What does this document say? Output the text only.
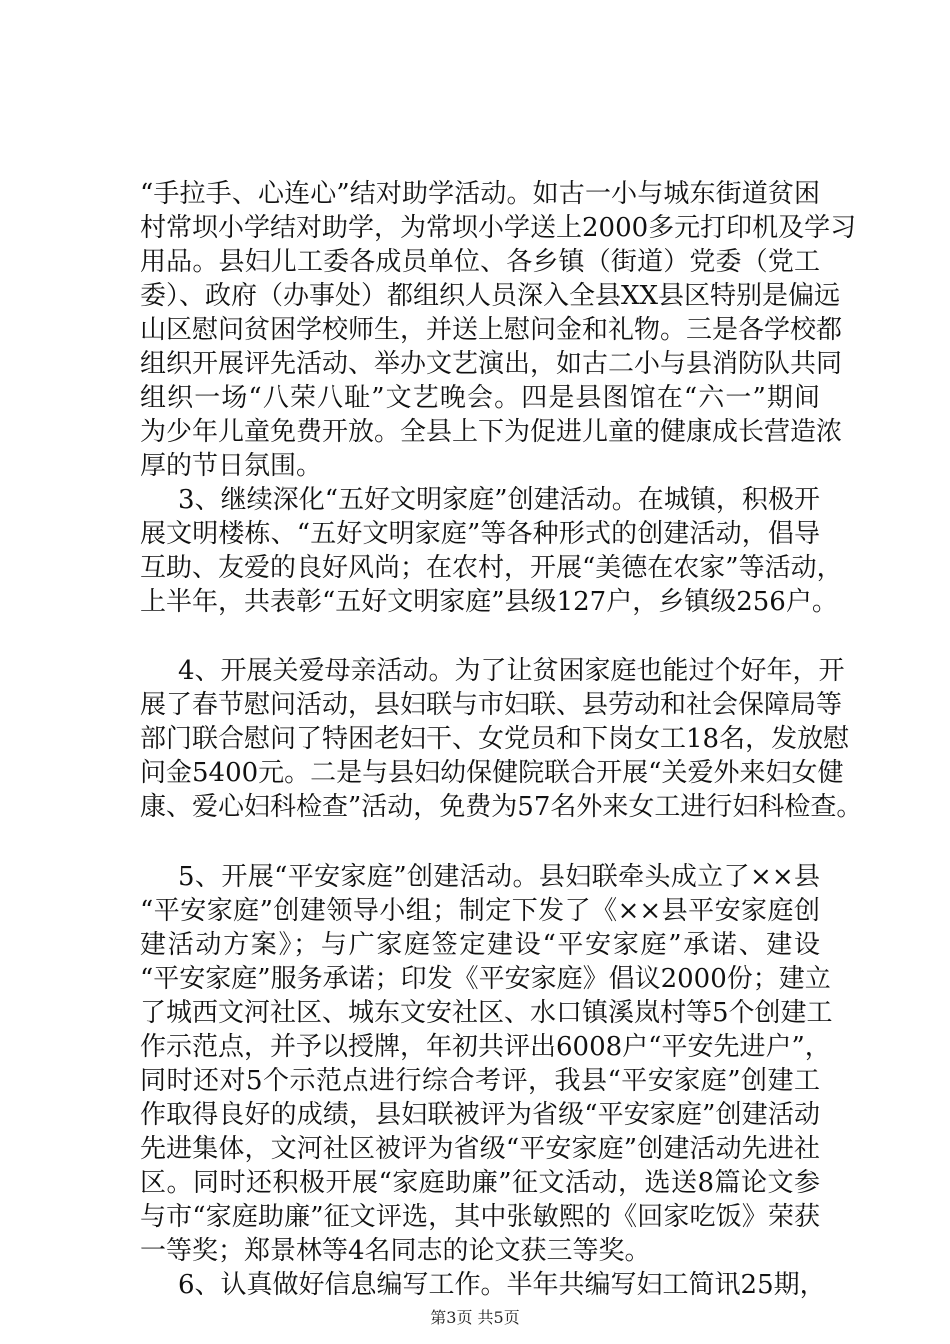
“手拉手、心连心”结对助学活动。如古一小与城东街道贫困
村常坝小学结对助学，为常坝小学送上2000多元打印机及学习
用品。县妇儿工委各成员单位、各乡镇（街道）党委（党工
委）、政府（办事处）都组织人员深入全县XX县区特别是偏远
山区慰问贫困学校师生，并送上慰问金和礼物。三是各学校都
组织开展评先活动、举办文艺演出，如古二小与县消防队共同
组织一场“八荣八耻”文艺晚会。四是县图馆在“六一”期间
为少年儿童免费开放。全县上下为促进儿童的健康成长营造浓
厚的节日氛围。
3、继续深化“五好文明家庭”创建活动。在城镇，积极开
展文明楼栋、“五好文明家庭”等各种形式的创建活动，倡导
互助、友爱的良好风尚；在农村，开展“美德在农家”等活动，
上半年，共表彰“五好文明家庭”县级127户，乡镇级256户。
4、开展关爱母亲活动。为了让贫困家庭也能过个好年，开
展了春节慰问活动，县妇联与市妇联、县劳动和社会保障局等
部门联合慰问了特困老妇干、女党员和下岗女工18名，发放慰
问金5400元。二是与县妇幼保健院联合开展“关爱外来妇女健
康、爱心妇科检查”活动，免费为57名外来女工进行妇科检查。
5、开展“平安家庭”创建活动。县妇联牵头成立了××县
“平安家庭”创建领导小组；制定下发了《××县平安家庭创
建活动方案》；与广家庭签定建设“平安家庭”承诺、建设
“平安家庭”服务承诺；印发《平安家庭》倡议2000份；建立
了城西文河社区、城东文安社区、水口镇溪岚村等5个创建工
作示范点，并予以授牌，年初共评出6008户“平安先进户”，
同时还对5个示范点进行综合考评，我县“平安家庭”创建工
作取得良好的成绩，县妇联被评为省级“平安家庭”创建活动
先进集体，文河社区被评为省级“平安家庭”创建活动先进社
区。同时还积极开展“家庭助廉”征文活动，选送8篇论文参
与市“家庭助廉”征文评选，其中张敏熙的《回家吃饭》荣获
一等奖；郑景林等4名同志的论文获三等奖。
第3页 共5页
6、认真做好信息编写工作。半年共编写妇工简讯25期，
